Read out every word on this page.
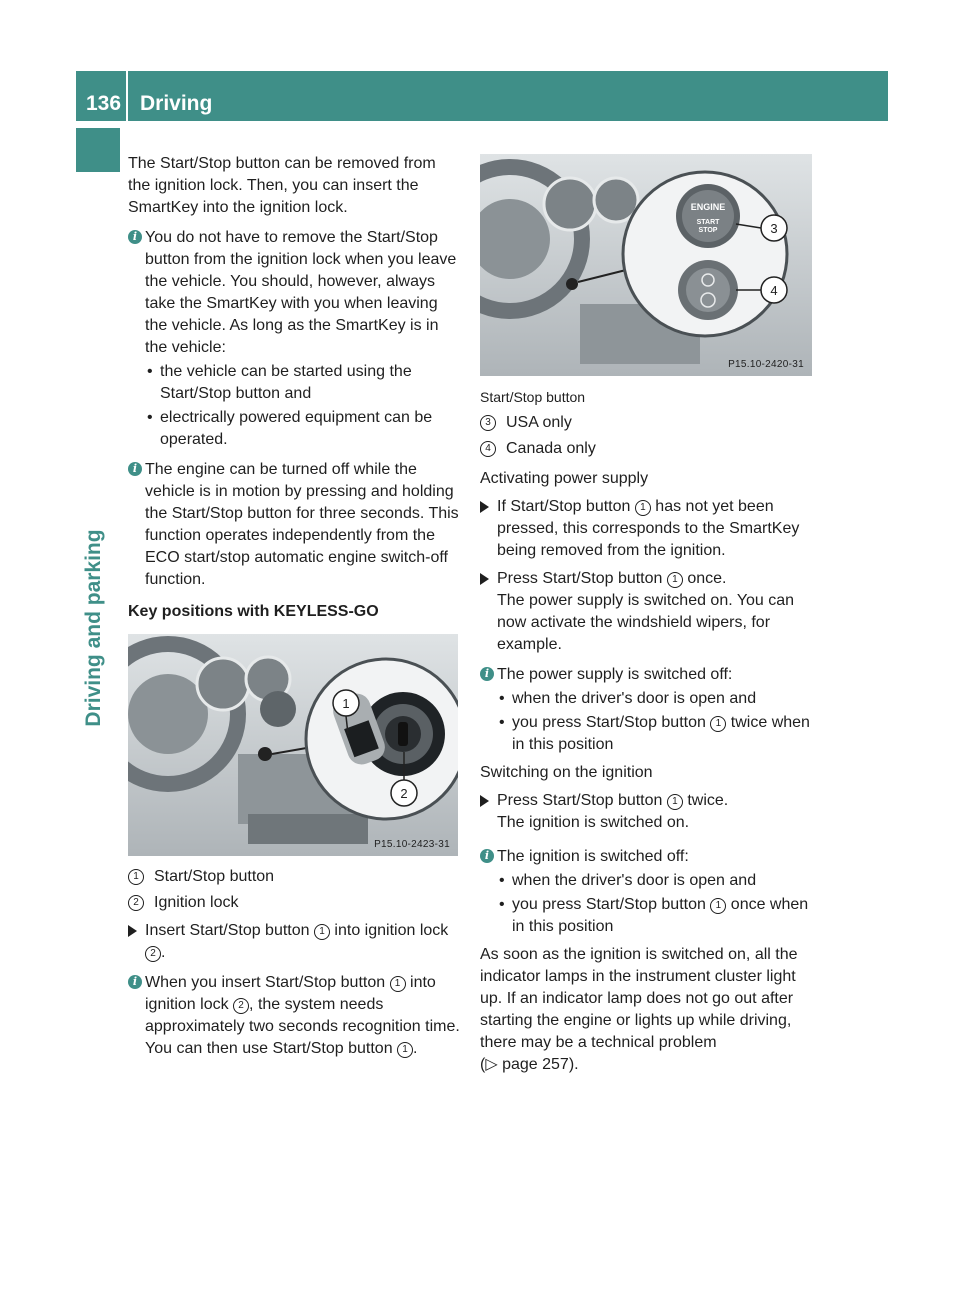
136 Driving
Driving and parking

The Start/Stop button can be removed from the ignition lock. Then, you can insert the SmartKey into the ignition lock.

i You do not have to remove the Start/Stop button from the ignition lock when you leave the vehicle. You should, however, always take the SmartKey with you when leaving the vehicle. As long as the SmartKey is in the vehicle:

• the vehicle can be started using the Start/Stop button and

• electrically powered equipment can be operated.

i The engine can be turned off while the vehicle is in motion by pressing and holding the Start/Stop button for three seconds. This function operates independently from the ECO start/stop automatic engine switch-off function.

Key positions with KEYLESS-GO

1
2
P15.10-2423-31

1 Start/Stop button

2 Ignition lock

Insert Start/Stop button 1 into ignition lock 2 .

i When you insert Start/Stop button 1 into ignition lock 2 , the system needs approximately two seconds recognition time. You can then use Start/Stop button 1 .

ENGINE
START
STOP	3
4
P15.10-2420-31

Start/Stop button

3 USA only

4 Canada only

Activating power supply

If Start/Stop button 1 has not yet been pressed, this corresponds to the SmartKey being removed from the ignition.

Press Start/Stop button 1 once.

The power supply is switched on. You can now activate the windshield wipers, for example.

i The power supply is switched off:

• when the driver's door is open and

• you press Start/Stop button 1 twice when in this position

Switching on the ignition

Press Start/Stop button 1 twice.

The ignition is switched on.

i The ignition is switched off:

• when the driver's door is open and

• you press Start/Stop button 1 once when in this position

As soon as the ignition is switched on, all the indicator lamps in the instrument cluster light up. If an indicator lamp does not go out after starting the engine or lights up while driving, there may be a technical problem

(▷ page 257).
